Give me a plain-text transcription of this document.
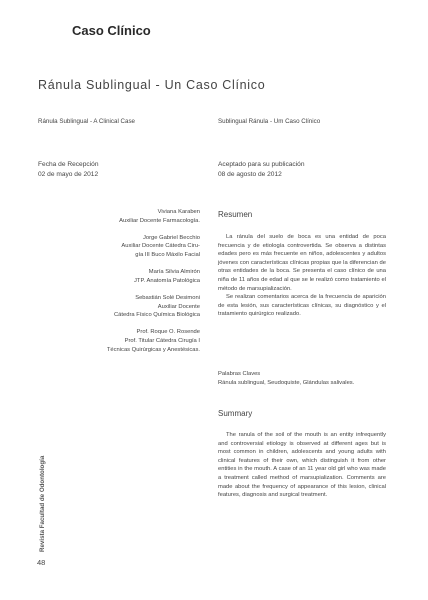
Caso Clínico
Ránula Sublingual - Un Caso Clínico
Ránula Sublingual - A Clinical Case	Sublingual Ránula - Um Caso Clínico
Fecha de Recepción
02 de mayo de 2012
Aceptado para su publicación
08 de agosto de 2012
Viviana Karaben
Auxiliar Docente Farmacología.
Jorge Gabriel Becchio
Auxiliar Docente Cátedra Ciru-
gía III Buco Máxilo Facial
María Silvia Almirón
JTP. Anatomía Patológica
Sebastián Solé Desimoni
Auxiliar Docente
Cátedra Físico Química Biológica
Prof. Roque O. Rosende
Prof. Titular Cátedra Cirugía I
Técnicas Quirúrgicas y Anestésicas.
Resumen

La ránula del suelo de boca es una entidad de poca frecuencia y de etiología controvertida. Se observa a distintas edades pero es más frecuente en niños, adolescentes y adultos jóvenes con características clínicas propias que la diferencian de otras entidades de la boca. Se presenta el caso clínico de una niña de 11 años de edad al que se le realizó como tratamiento el método de marsupialización.

Se realizan comentarios acerca de la frecuencia de aparición de esta lesión, sus características clínicas, su diagnóstico y el tratamiento quirúrgico realizado.

Palabras Claves
Ránula sublingual, Seudoquiste, Glándulas salivales.
Summary

The ranula of the soil of the mouth is an entity infrequently and controversial etiology is observed at different ages but is most common in children, adolescents and young adults with clinical features of their own, which distinguish it from other entities in the mouth. A case of an 11 year old girl who was made a treatment called method of marsupialization. Comments are made about the frequency of appearance of this lesion, clinical features, diagnosis and surgical treatment.

Revista Facultad de Odontología
48
